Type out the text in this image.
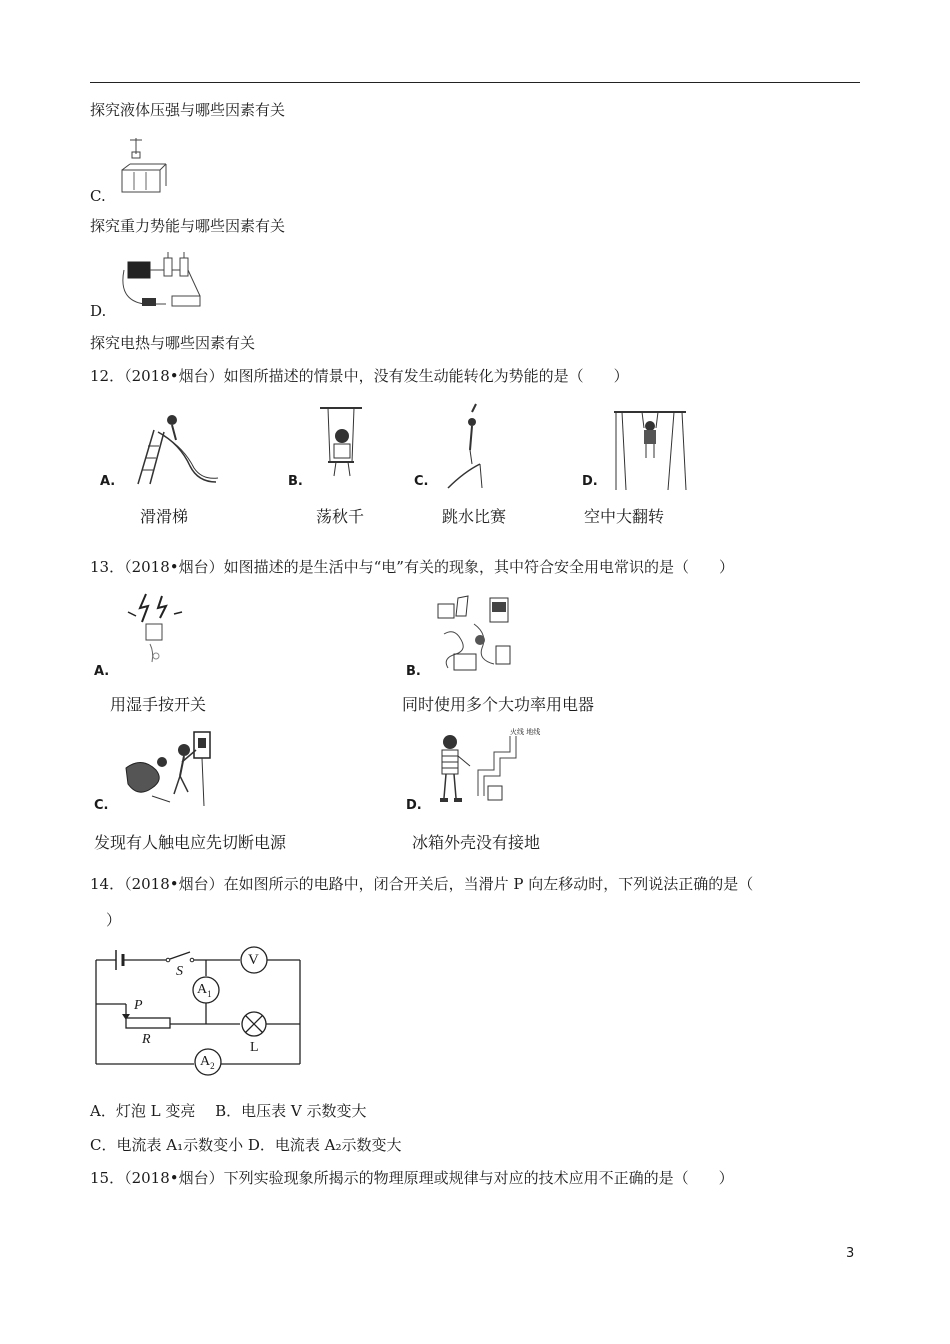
探究液体压强与哪些因素有关
C.
探究重力势能与哪些因素有关
D.
探究电热与哪些因素有关
12．（2018•烟台）如图所描述的情景中，没有发生动能转化为势能的是（　　）
A.
滑滑梯
B.
荡秋千
C.
跳水比赛
D.
空中大翻转
13．（2018•烟台）如图描述的是生活中与“电”有关的现象，其中符合安全用电常识的是（　　）
A.
用湿手按开关
B.
同时使用多个大功率用电器
C.
发现有人触电应先切断电源
火线 地线
D.
冰箱外壳没有接地
14．（2018•烟台）在如图所示的电路中，闭合开关后，当滑片 P 向左移动时，下列说法正确的是（
）
S
V
$A_1$
P
R
L
$A_2$
A．灯泡 L 变亮　 B．电压表 V 示数变大
C．电流表 A₁示数变小 D．电流表 A₂示数变大
15．（2018•烟台）下列实验现象所揭示的物理原理或规律与对应的技术应用不正确的是（　　）
3
